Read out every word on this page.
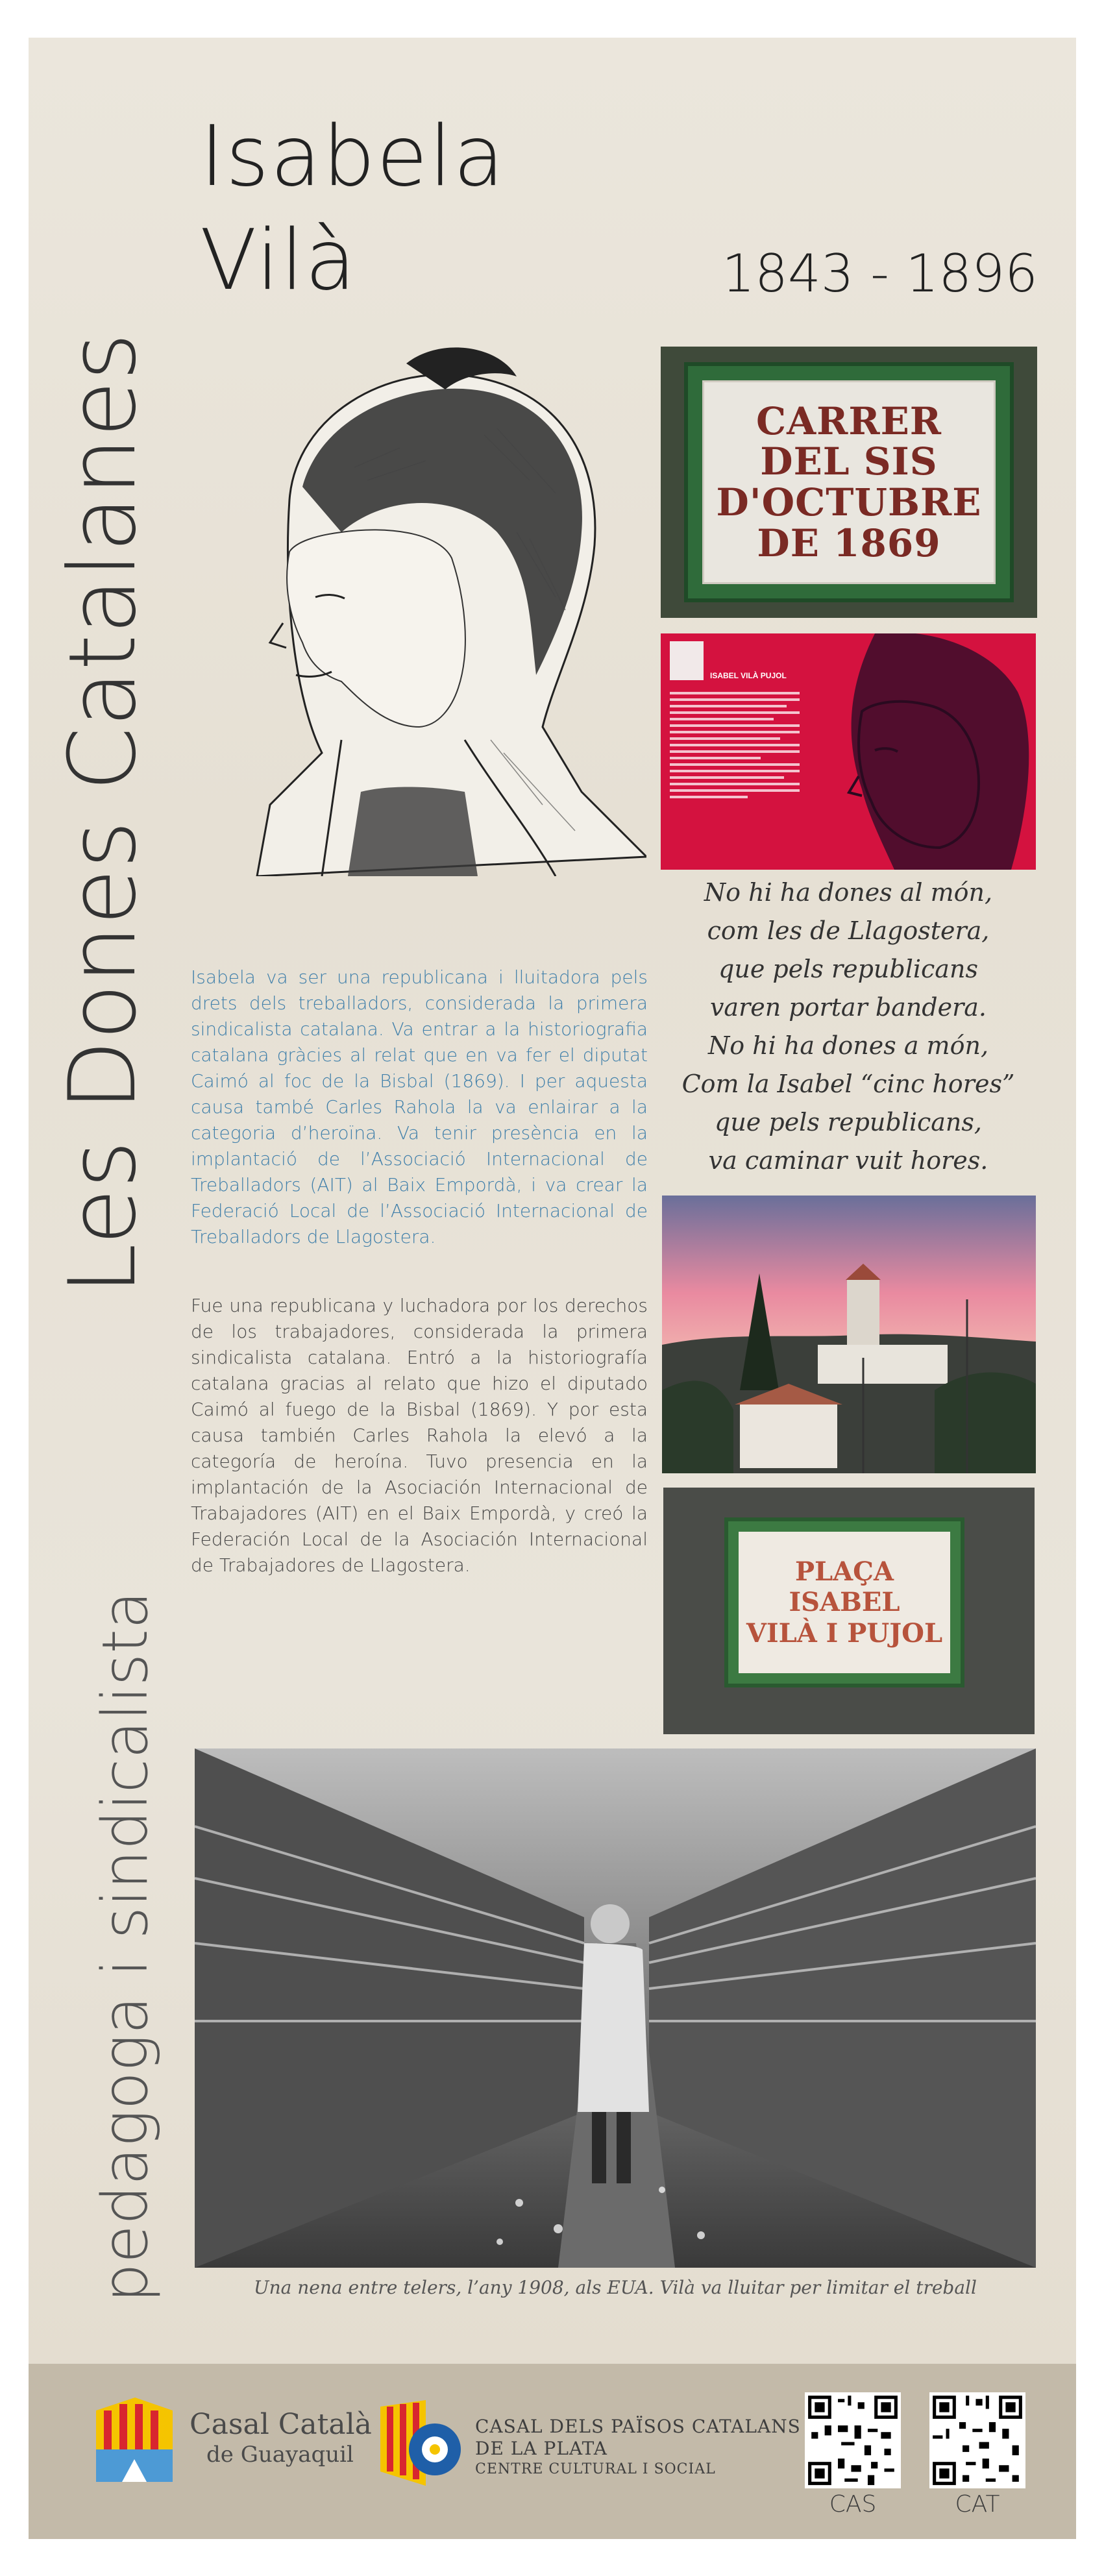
Isabela
Vilà	1843 - 1896
Les Dones Catalanes
pedagoga i sindicalista
CARRER
DEL SIS
D'OCTUBRE
DE 1869
ISABEL VILÀ PUJOL
No hi ha dones al món,
com les de Llagostera,
que pels republicans
varen portar bandera.
No hi ha dones a món,
Com la Isabel “cinc hores”
que pels republicans,
va caminar vuit hores.
Isabela va ser una republicana i lluitadora pels drets dels treballadors, considerada la primera sindicalista catalana. Va entrar a la historiografia catalana gràcies al relat que en va fer el diputat Caimó al foc de la Bisbal (1869). I per aquesta causa també Carles Rahola la va enlairar a la categoria d’heroïna. Va tenir presència en la implantació de l’Associació Internacional de Treballadors (AIT) al Baix Empordà, i va crear la Federació Local de l’Associació Internacional de Treballadors de Llagostera.
Fue una republicana y luchadora por los derechos de los trabajadores, considerada la primera sindicalista catalana. Entró a la historiografía catalana gracias al relato que hizo el diputado Caimó al fuego de la Bisbal (1869). Y por esta causa también Carles Rahola la elevó a la categoría de heroína. Tuvo presencia en la implantación de la Asociación Internacional de Trabajadores (AIT) en el Baix Empordà, y creó la Federación Local de la Asociación Internacional de Trabajadores de Llagostera.	PLAÇA
ISABEL
VILÀ I PUJOL
Una nena entre telers, l’any 1908, als EUA. Vilà va lluitar per limitar el treball
Casal Català
de Guayaquil
CASAL DELS PAÏSOS CATALANS
DE LA PLATA
CENTRE CULTURAL I SOCIAL
CAS	CAT
